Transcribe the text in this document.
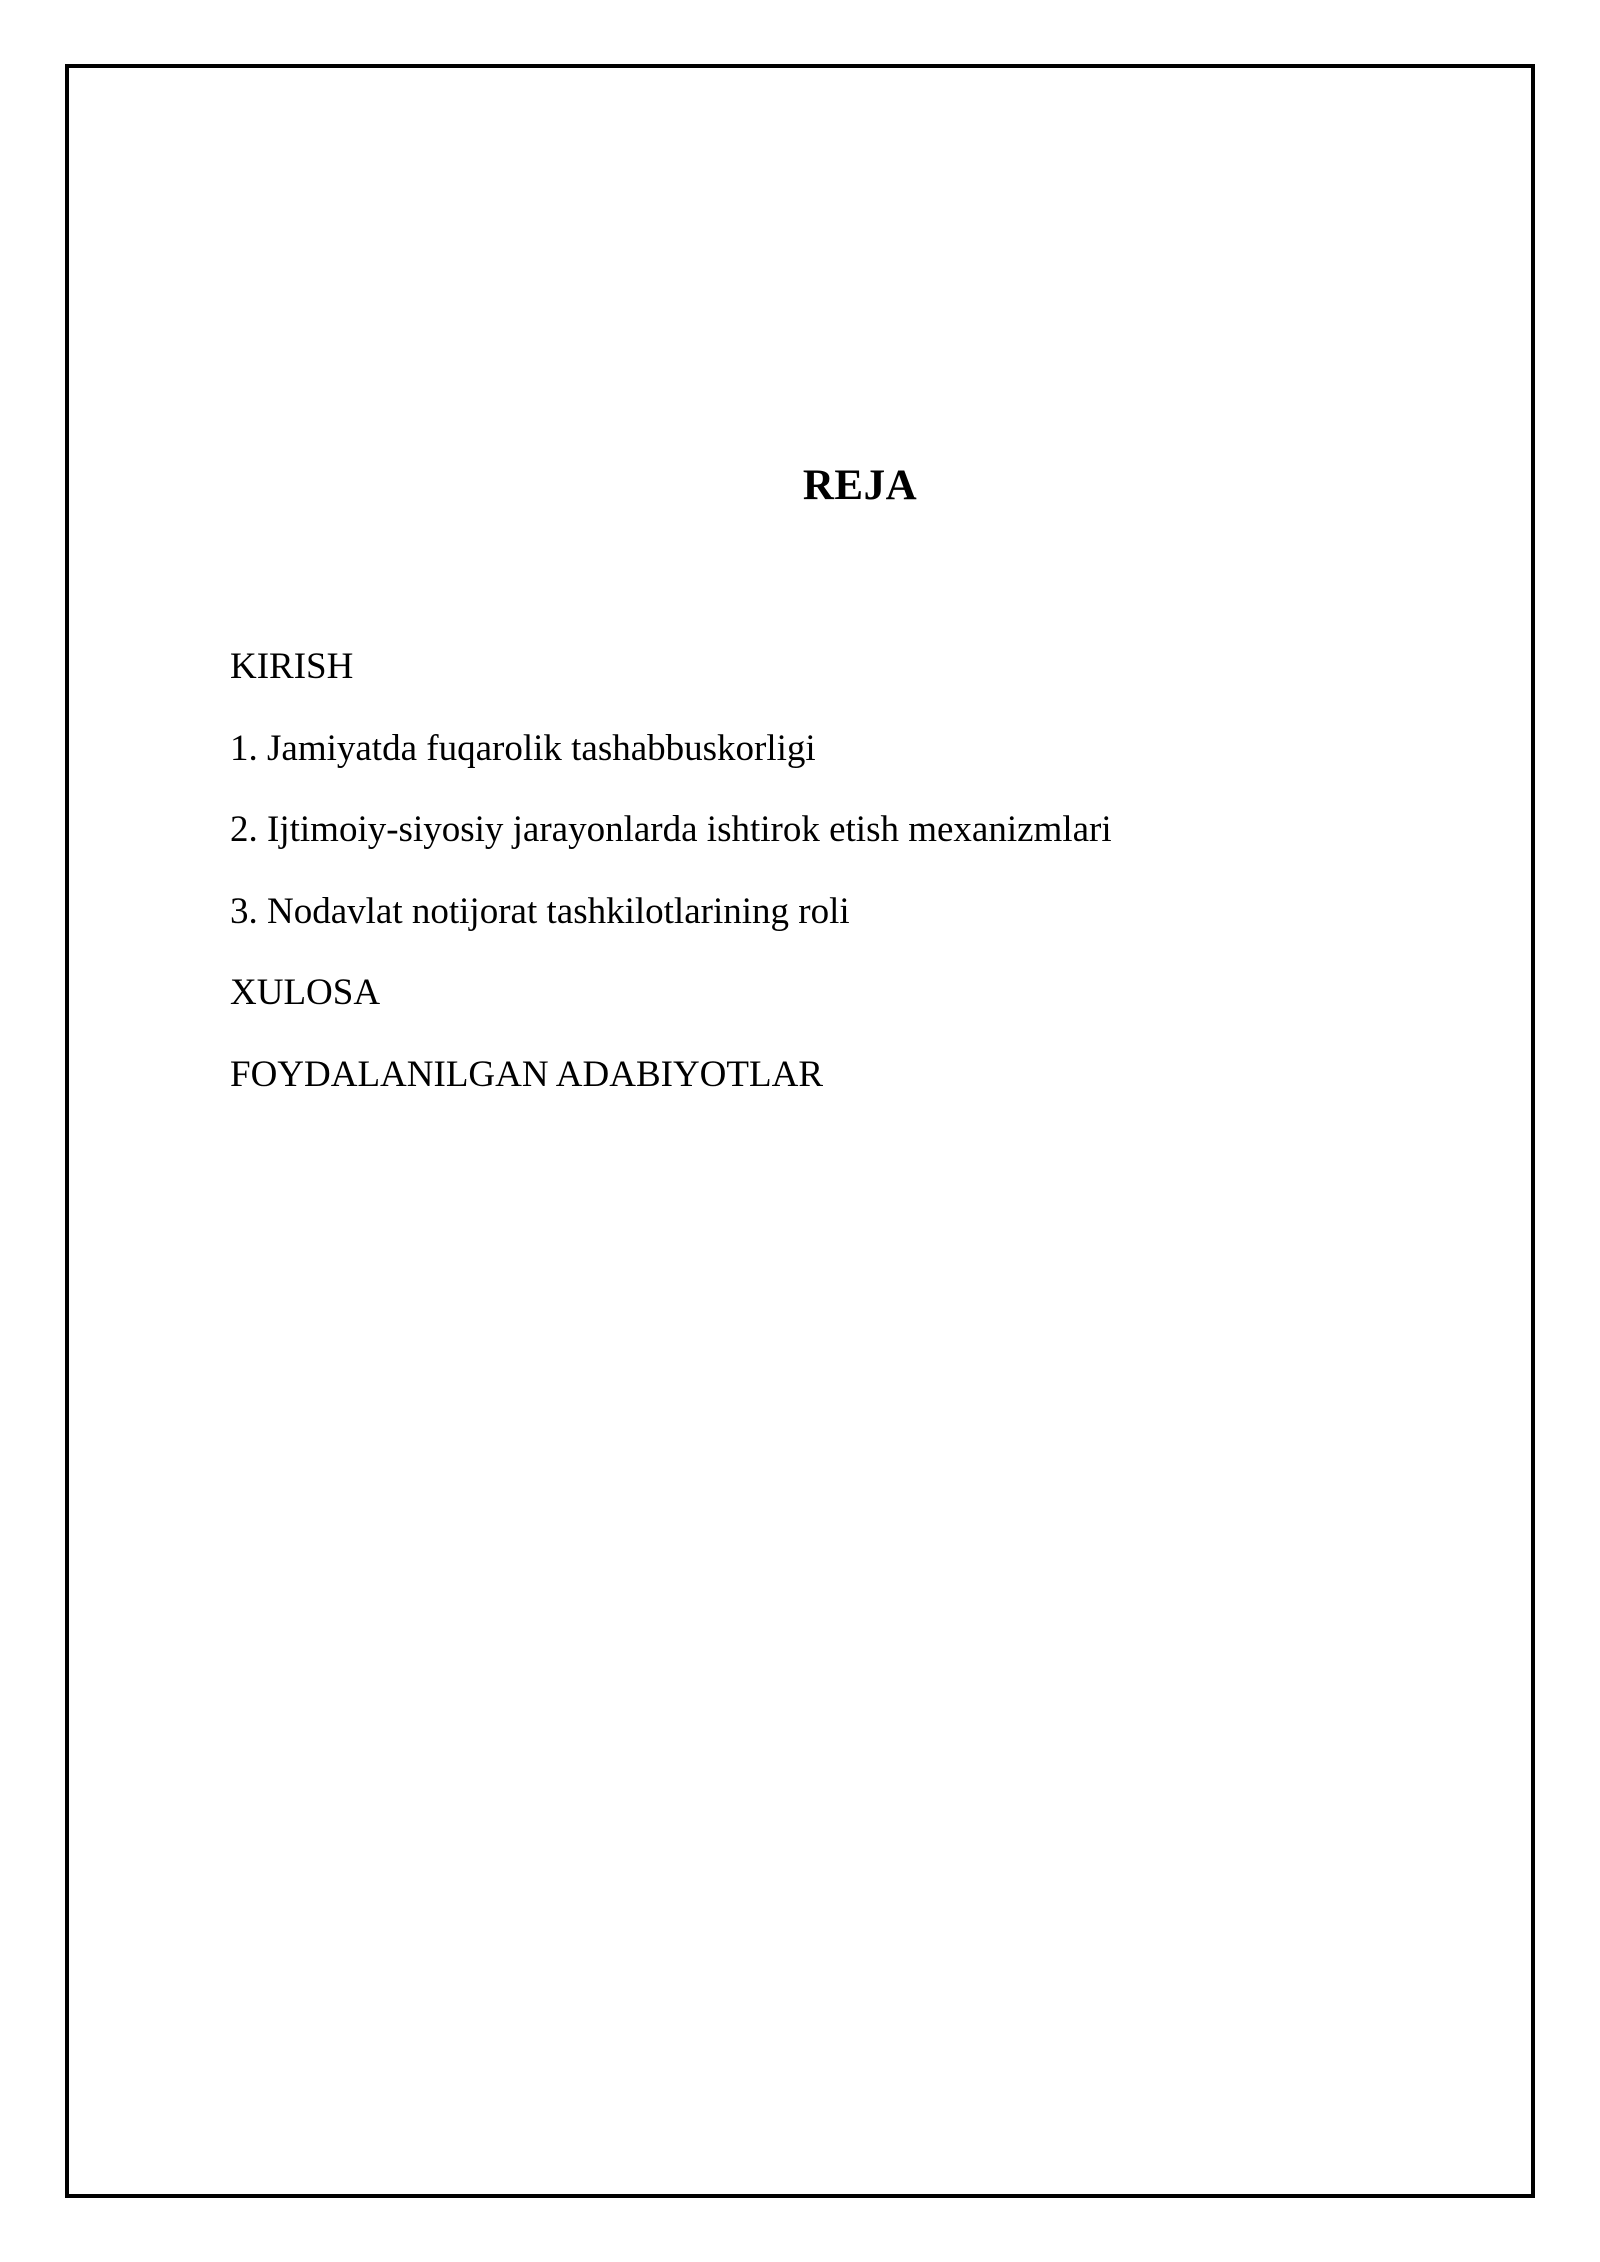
REJA
KIRISH
1. Jamiyatda fuqarolik tashabbuskorligi
2. Ijtimoiy-siyosiy jarayonlarda ishtirok etish mexanizmlari
3. Nodavlat notijorat tashkilotlarining roli
XULOSA
FOYDALANILGAN ADABIYOTLAR
